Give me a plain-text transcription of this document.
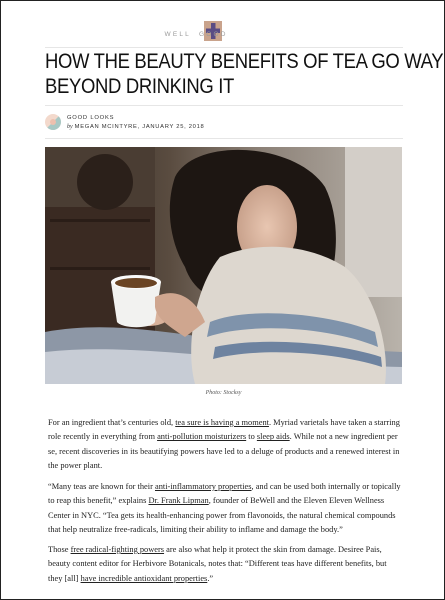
WELL GOOD
HOW THE BEAUTY BENEFITS OF TEA GO WAY
BEYOND DRINKING IT
GOOD LOOKS
by MEGAN MCINTYRE, JANUARY 25, 2018
Photo: Stocksy

For an ingredient that’s centuries old, tea sure is having a moment. Myriad varietals have taken a starring role recently in everything from anti-pollution moisturizers to sleep aids. While not a new ingredient per se, recent discoveries in its beautifying powers have led to a deluge of products and a renewed interest in the power plant.

“Many teas are known for their anti-inflammatory properties, and can be used both internally or topically to reap this benefit,” explains Dr. Frank Lipman, founder of BeWell and the Eleven Eleven Wellness Center in NYC. “Tea gets its health-enhancing power from flavonoids, the natural chemical compounds that help neutralize free-radicals, limiting their ability to inflame and damage the body.”

Those free radical-fighting powers are also what help it protect the skin from damage. Desiree Pais, beauty content editor for Herbivore Botanicals, notes that: “Different teas have different benefits, but they [all] have incredible antioxidant properties.”
